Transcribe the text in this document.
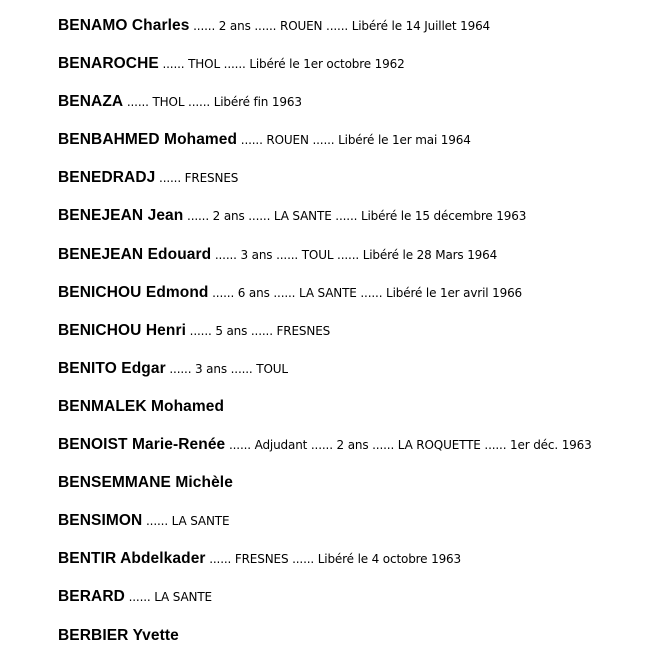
BENAMO Charles ...... 2 ans ...... ROUEN ...... Libéré le 14 Juillet 1964
BENAROCHE ...... THOL ...... Libéré le 1er octobre 1962
BENAZA ...... THOL ...... Libéré fin 1963
BENBAHMED Mohamed ...... ROUEN ...... Libéré le 1er mai 1964
BENEDRADJ ...... FRESNES
BENEJEAN Jean ...... 2 ans ...... LA SANTE ...... Libéré le 15 décembre 1963
BENEJEAN Edouard ...... 3 ans ...... TOUL ...... Libéré le 28 Mars 1964
BENICHOU Edmond ...... 6 ans ...... LA SANTE ...... Libéré le 1er avril 1966
BENICHOU Henri ...... 5 ans ...... FRESNES
BENITO Edgar ...... 3 ans ...... TOUL
BENMALEK Mohamed
BENOIST Marie-Renée ...... Adjudant ...... 2 ans ...... LA ROQUETTE ...... 1er déc. 1963
BENSEMMANE Michèle
BENSIMON ...... LA SANTE
BENTIR Abdelkader ...... FRESNES ...... Libéré le 4 octobre 1963
BERARD ...... LA SANTE
BERBIER Yvette
